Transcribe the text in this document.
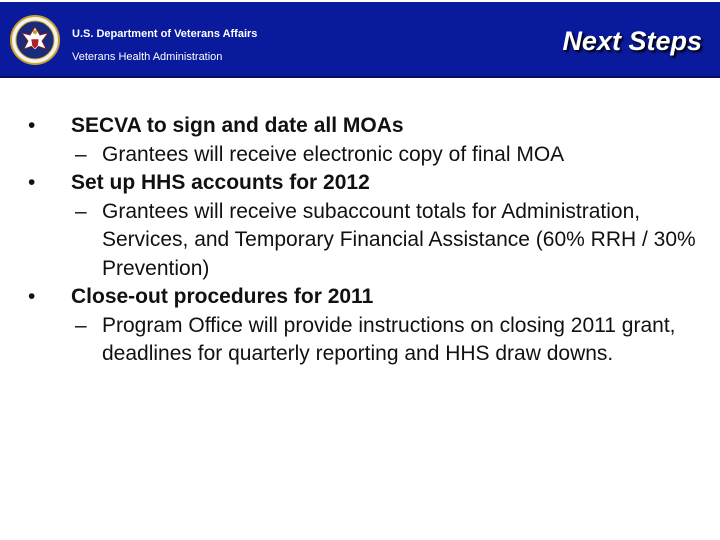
U.S. Department of Veterans Affairs
Veterans Health Administration
Next Steps
• SECVA to sign and date all MOAs
– Grantees will receive electronic copy of final MOA
• Set up HHS accounts for 2012
– Grantees will receive subaccount totals for Administration, Services, and Temporary Financial Assistance (60% RRH / 30% Prevention)
• Close-out procedures for 2011
– Program Office will provide instructions on closing 2011 grant, deadlines for quarterly reporting and HHS draw downs.
